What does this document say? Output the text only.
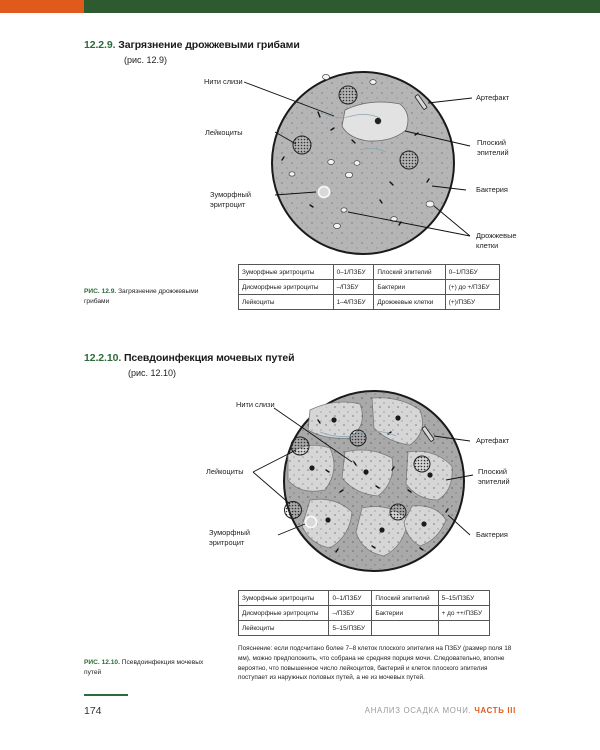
12.2.9. Загрязнение дрожжевыми грибами
(рис. 12.9)
Нити слизи
Лейкоциты
Зуморфный
эритроцит
Артефакт
Плоский
эпителий
Бактерия
Дрожжевые
клетки
Зуморфные эритроциты	0–1/ПЗБУ	Плоский эпителий	0–1/ПЗБУ
Дисморфные эритроциты	–/ПЗБУ	Бактерии	(+) до +/ПЗБУ
Лейкоциты	1–4/ПЗБУ	Дрожжевые клетки	(+)/ПЗБУ
РИС. 12.9. Загрязнение дрожжевыми грибами
12.2.10. Псевдоинфекция мочевых путей
(рис. 12.10)
Нити слизи
Лейкоциты
Зуморфный
эритроцит
Артефакт
Плоский
эпителий
Бактерия
Зуморфные эритроциты	0–1/ПЗБУ	Плоский эпителий	5–15/ПЗБУ
Дисморфные эритроциты	–/ПЗБУ	Бактерии	+ до ++/ПЗБУ
Лейкоциты	5–15/ПЗБУ		
Пояснение: если подсчитано более 7–8 клеток плоского эпителия на ПЗБУ (размер поля 18 мм), можно предположить, что собрана не средняя порция мочи. Следовательно, вполне вероятно, что повышенное число лейкоцитов, бактерий и клеток плоского эпителия поступает из наружных половых путей, а не из мочевых путей.
РИС. 12.10. Псевдоинфекция мочевых путей
174	АНАЛИЗ ОСАДКА МОЧИ. ЧАСТЬ III
